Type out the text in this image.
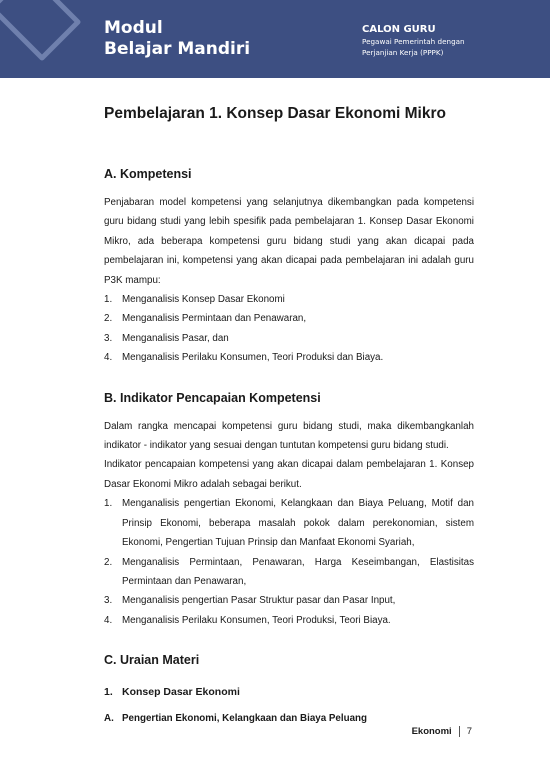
Modul
Belajar Mandiri
CALON GURU
Pegawai Pemerintah dengan
Perjanjian Kerja (PPPK)
Pembelajaran 1. Konsep Dasar Ekonomi Mikro
A. Kompetensi

Penjabaran model kompetensi yang selanjutnya dikembangkan pada kompetensi guru bidang studi yang lebih spesifik pada pembelajaran 1. Konsep Dasar Ekonomi Mikro, ada beberapa kompetensi guru bidang studi yang akan dicapai pada pembelajaran ini, kompetensi yang akan dicapai pada pembelajaran ini adalah guru P3K mampu:

1.	Menganalisis Konsep Dasar Ekonomi
2.	Menganalisis Permintaan dan Penawaran,
3.	Menganalisis Pasar, dan
4.	Menganalisis Perilaku Konsumen, Teori Produksi dan Biaya.
B. Indikator Pencapaian Kompetensi

Dalam rangka mencapai kompetensi guru bidang studi, maka dikembangkanlah indikator - indikator yang sesuai dengan tuntutan kompetensi guru bidang studi.

Indikator pencapaian kompetensi yang akan dicapai dalam pembelajaran 1. Konsep Dasar Ekonomi Mikro adalah sebagai berikut.

1.	Menganalisis pengertian Ekonomi, Kelangkaan dan Biaya Peluang, Motif dan Prinsip Ekonomi, beberapa masalah pokok dalam perekonomian, sistem Ekonomi, Pengertian Tujuan Prinsip dan Manfaat Ekonomi Syariah,
2.	Menganalisis Permintaan, Penawaran, Harga Keseimbangan, Elastisitas Permintaan dan Penawaran,
3.	Menganalisis pengertian Pasar Struktur pasar dan Pasar Input,
4.	Menganalisis Perilaku Konsumen, Teori Produksi, Teori Biaya.
C. Uraian Materi
1. Konsep Dasar Ekonomi
A. Pengertian Ekonomi, Kelangkaan dan Biaya Peluang
Ekonomi 7
